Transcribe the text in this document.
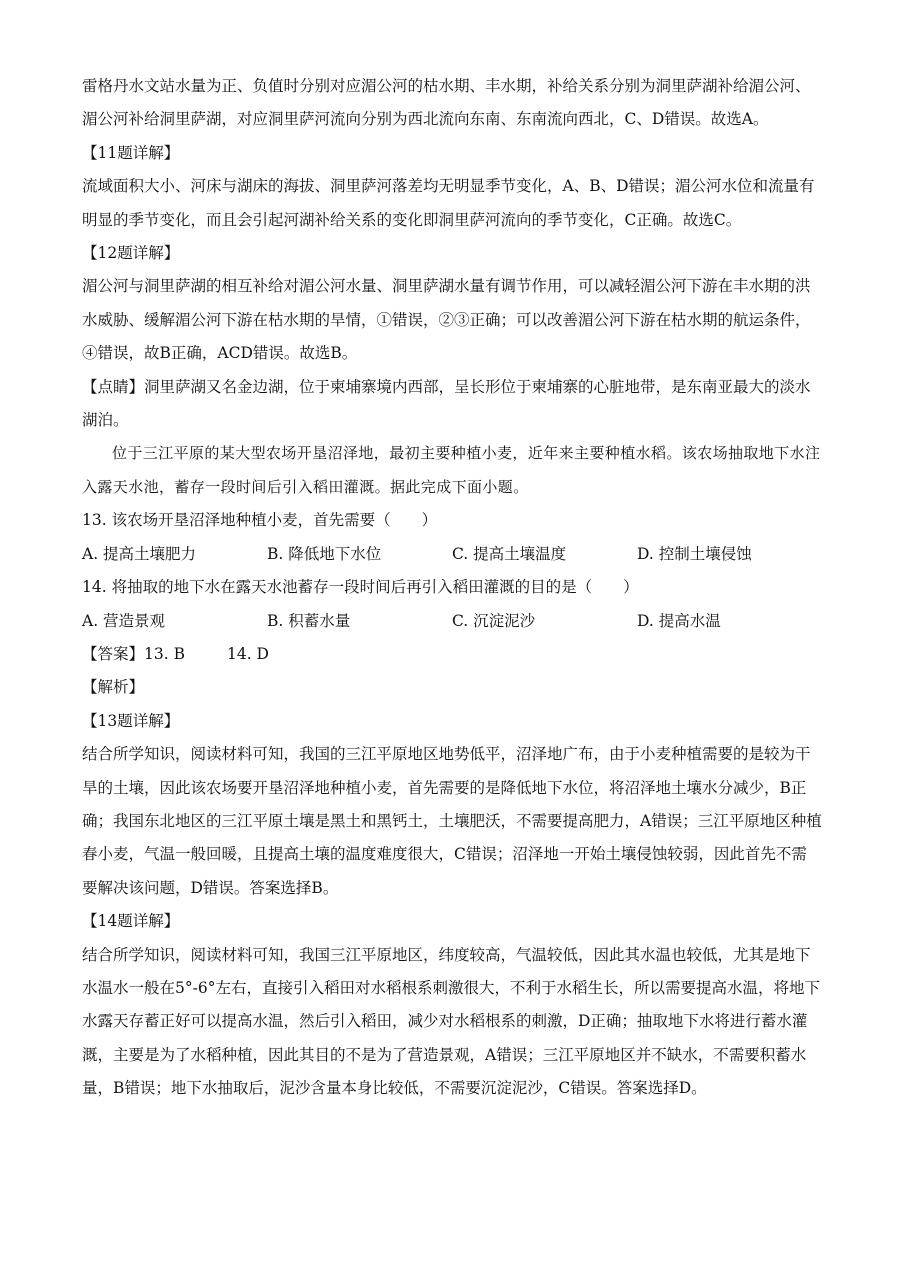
雷格丹水文站水量为正、负值时分别对应湄公河的枯水期、丰水期，补给关系分别为洞里萨湖补给湄公河、湄公河补给洞里萨湖，对应洞里萨河流向分别为西北流向东南、东南流向西北，C、D错误。故选A。

【11题详解】

流域面积大小、河床与湖床的海拔、洞里萨河落差均无明显季节变化，A、B、D错误；湄公河水位和流量有明显的季节变化，而且会引起河湖补给关系的变化即洞里萨河流向的季节变化，C正确。故选C。

【12题详解】

湄公河与洞里萨湖的相互补给对湄公河水量、洞里萨湖水量有调节作用，可以减轻湄公河下游在丰水期的洪水威胁、缓解湄公河下游在枯水期的旱情，①错误，②③正确；可以改善湄公河下游在枯水期的航运条件，④错误，故B正确，ACD错误。故选B。

【点睛】洞里萨湖又名金边湖，位于柬埔寨境内西部，呈长形位于柬埔寨的心脏地带，是东南亚最大的淡水湖泊。

位于三江平原的某大型农场开垦沼泽地，最初主要种植小麦，近年来主要种植水稻。该农场抽取地下水注入露天水池，蓄存一段时间后引入稻田灌溉。据此完成下面小题。

13. 该农场开垦沼泽地种植小麦，首先需要（　　）

A. 提高土壤肥力	B. 降低地下水位	C. 提高土壤温度	D. 控制土壤侵蚀

14. 将抽取的地下水在露天水池蓄存一段时间后再引入稻田灌溉的目的是（　　）

A. 营造景观	B. 积蓄水量	C. 沉淀泥沙	D. 提高水温
【答案】13. B	14. D

【解析】

【13题详解】

结合所学知识，阅读材料可知，我国的三江平原地区地势低平，沼泽地广布，由于小麦种植需要的是较为干旱的土壤，因此该农场要开垦沼泽地种植小麦，首先需要的是降低地下水位，将沼泽地土壤水分减少，B正确；我国东北地区的三江平原土壤是黑土和黑钙土，土壤肥沃，不需要提高肥力，A错误；三江平原地区种植春小麦，气温一般回暖，且提高土壤的温度难度很大，C错误；沼泽地一开始土壤侵蚀较弱，因此首先不需要解决该问题，D错误。答案选择B。

【14题详解】

结合所学知识，阅读材料可知，我国三江平原地区，纬度较高，气温较低，因此其水温也较低，尤其是地下水温水一般在5°-6°左右，直接引入稻田对水稻根系刺激很大，不利于水稻生长，所以需要提高水温，将地下水露天存蓄正好可以提高水温，然后引入稻田，减少对水稻根系的刺激，D正确；抽取地下水将进行蓄水灌溉，主要是为了水稻种植，因此其目的不是为了营造景观，A错误；三江平原地区并不缺水，不需要积蓄水量，B错误；地下水抽取后，泥沙含量本身比较低，不需要沉淀泥沙，C错误。答案选择D。
